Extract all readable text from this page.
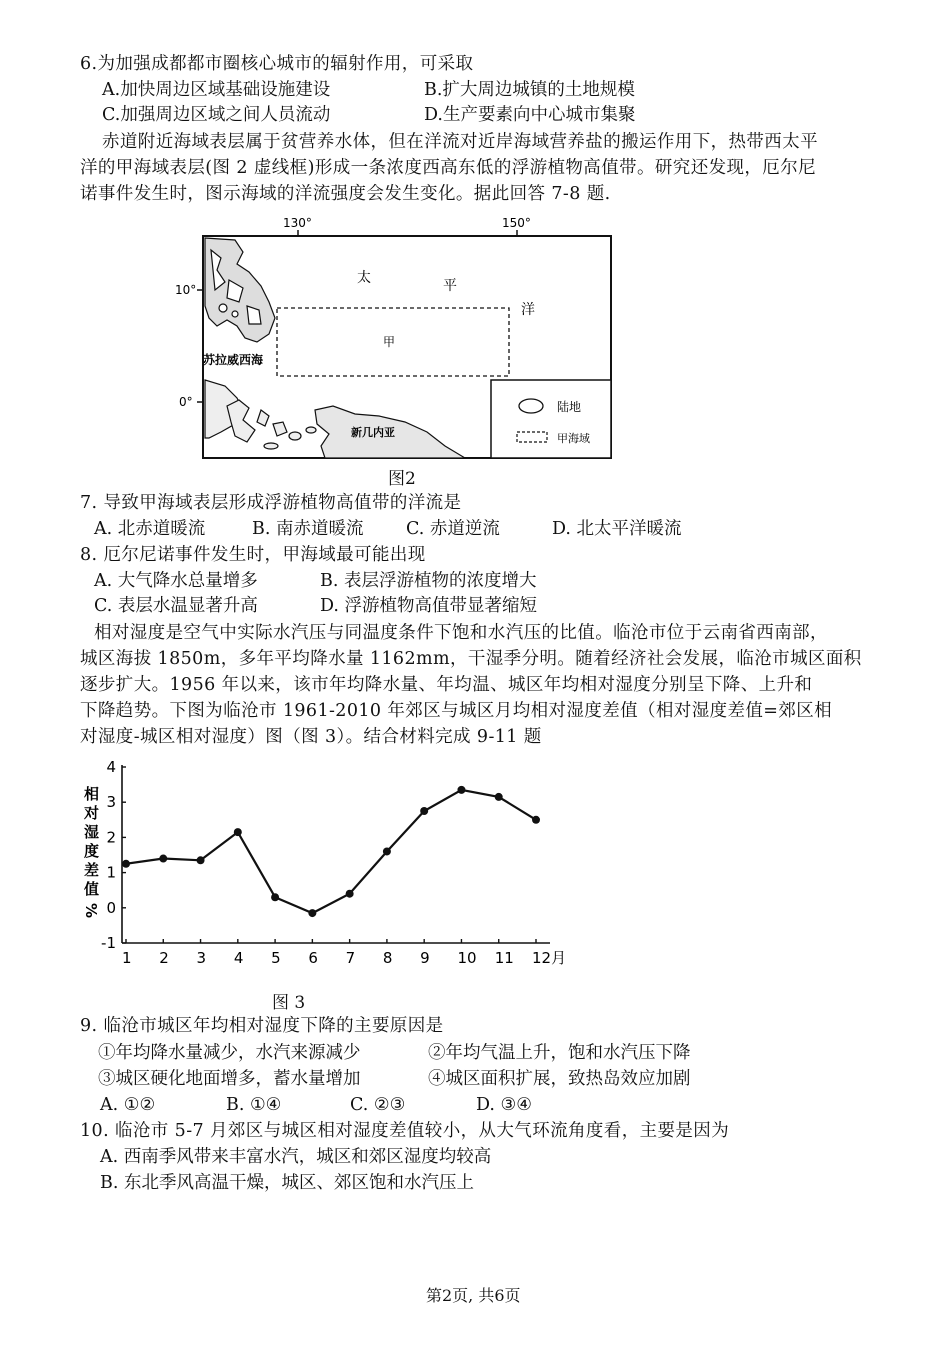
6.为加强成都都市圈核心城市的辐射作用，可采取
A.加快周边区域基础设施建设	B.扩大周边城镇的土地规模
C.加强周边区域之间人员流动	D.生产要素向中心城市集聚
赤道附近海域表层属于贫营养水体，但在洋流对近岸海域营养盐的搬运作用下，热带西太平
洋的甲海域表层(图 2 虚线框)形成一条浓度西高东低的浮游植物高值带。研究还发现，厄尔尼
诺事件发生时，图示海域的洋流强度会发生变化。据此回答 7-8 题.
130°	150°
10°
0°
太	平
洋
甲
苏拉威西海
新几内亚
陆地
甲海域
图2
7. 导致甲海域表层形成浮游植物高值带的洋流是
A. 北赤道暖流	B. 南赤道暖流 C. 赤道逆流	D. 北太平洋暖流
8. 厄尔尼诺事件发生时，甲海域最可能出现
A. 大气降水总量增多	B. 表层浮游植物的浓度增大
C. 表层水温显著升高	D. 浮游植物高值带显著缩短
相对湿度是空气中实际水汽压与同温度条件下饱和水汽压的比值。临沧市位于云南省西南部，
城区海拔 1850m，多年平均降水量 1162mm，干湿季分明。随着经济社会发展，临沧市城区面积
逐步扩大。1956 年以来，该市年均降水量、年均温、城区年均相对湿度分别呈下降、上升和
下降趋势。下图为临沧市 1961-2010 年郊区与城区月均相对湿度差值（相对湿度差值=郊区相
对湿度-城区相对湿度）图（图 3）。结合材料完成 9-11 题
相
对
湿
度
差
值
%
-1
0
1
2
3
4
1 2 3 4 5 6 7 8 9 10 11 12月
图 3
9. 临沧市城区年均相对湿度下降的主要原因是
①年均降水量减少，水汽来源减少	②年均气温上升，饱和水汽压下降
③城区硬化地面增多，蓄水量增加	④城区面积扩展，致热岛效应加剧
A. ①②	B. ①④	C. ②③	D. ③④
10. 临沧市 5-7 月郊区与城区相对湿度差值较小，从大气环流角度看，主要是因为
A. 西南季风带来丰富水汽，城区和郊区湿度均较高
B. 东北季风高温干燥，城区、郊区饱和水汽压上
第2页, 共6页
